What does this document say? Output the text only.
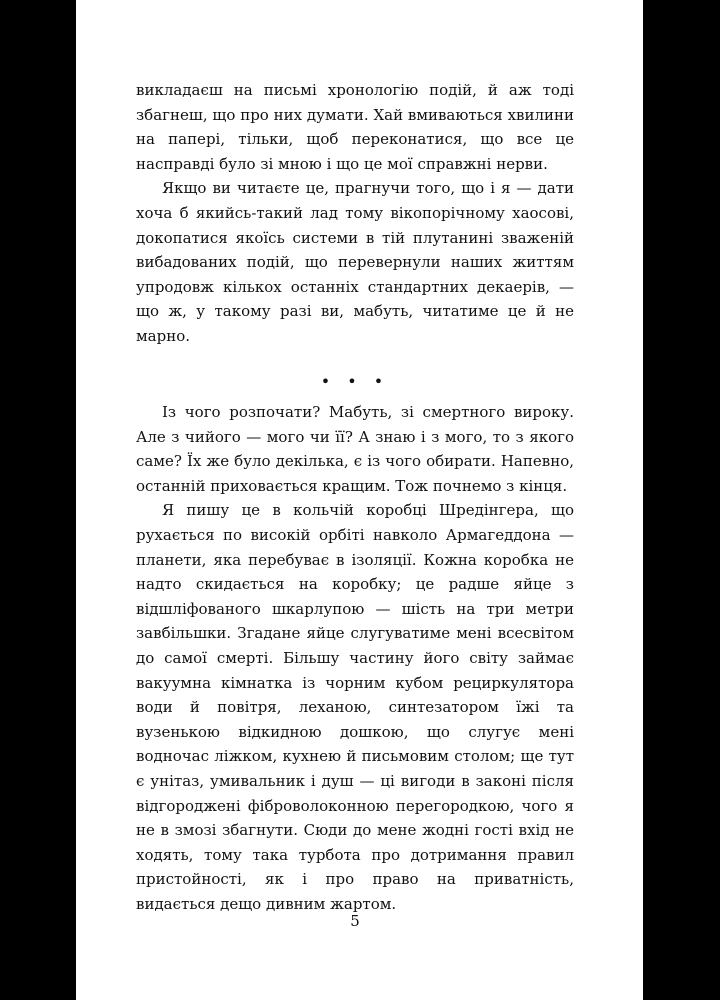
викладаєш на письмі хронологію подій, й аж тоді збагнеш, що про них думати. Хай вмиваються хвилини на папері, тільки, щоб переконатися, що все це насправді було зі мною і що це мої справжні нерви.

Якщо ви читаєте це, прагнучи того, що і я — дати хоча б якийсь-такий лад тому вікопорічному хаосові, докопатися якоїсь системи в тій плутанині зваженій вибадованих подій, що перевернули наших життям упродовж кількох останніх стандартних декаерів, — що ж, у такому разі ви, мабуть, читатиме це й не марно.

• • •

Із чого розпочати? Мабуть, зі смертного вироку. Але з чийого — мого чи її? А знаю і з мого, то з якого саме? Їх же було декілька, є із чого обирати. Напевно, останній приховається кращим. Тож почнемо з кінця.

Я пишу це в кольчій коробці Шредінгера, що рухається по високій орбіті навколо Армагеддона — планети, яка перебуває в ізоляції. Кожна коробка не надто скидається на коробку; це радше яйце з відшліфованого шкарлупою — шість на три метри завбільшки. Згадане яйце слугуватиме мені всесвітом до самої смерті. Більшу частину його світу займає вакуумна кімнатка із чорним кубом рециркулятора води й повітря, леханою, синтезатором їжі та вузенькою відкидною дошкою, що слугує мені водночас ліжком, кухнею й письмовим столом; ще тут є унітаз, умивальник і душ — ці вигоди в законі після відгороджені фіброволоконною перегородкою, чого я не в змозі збагнути. Сюди до мене жодні гості вхід не ходять, тому така турбота про дотримання правил пристойності, як і про право на приватність, видається дещо дивним жартом.

5
